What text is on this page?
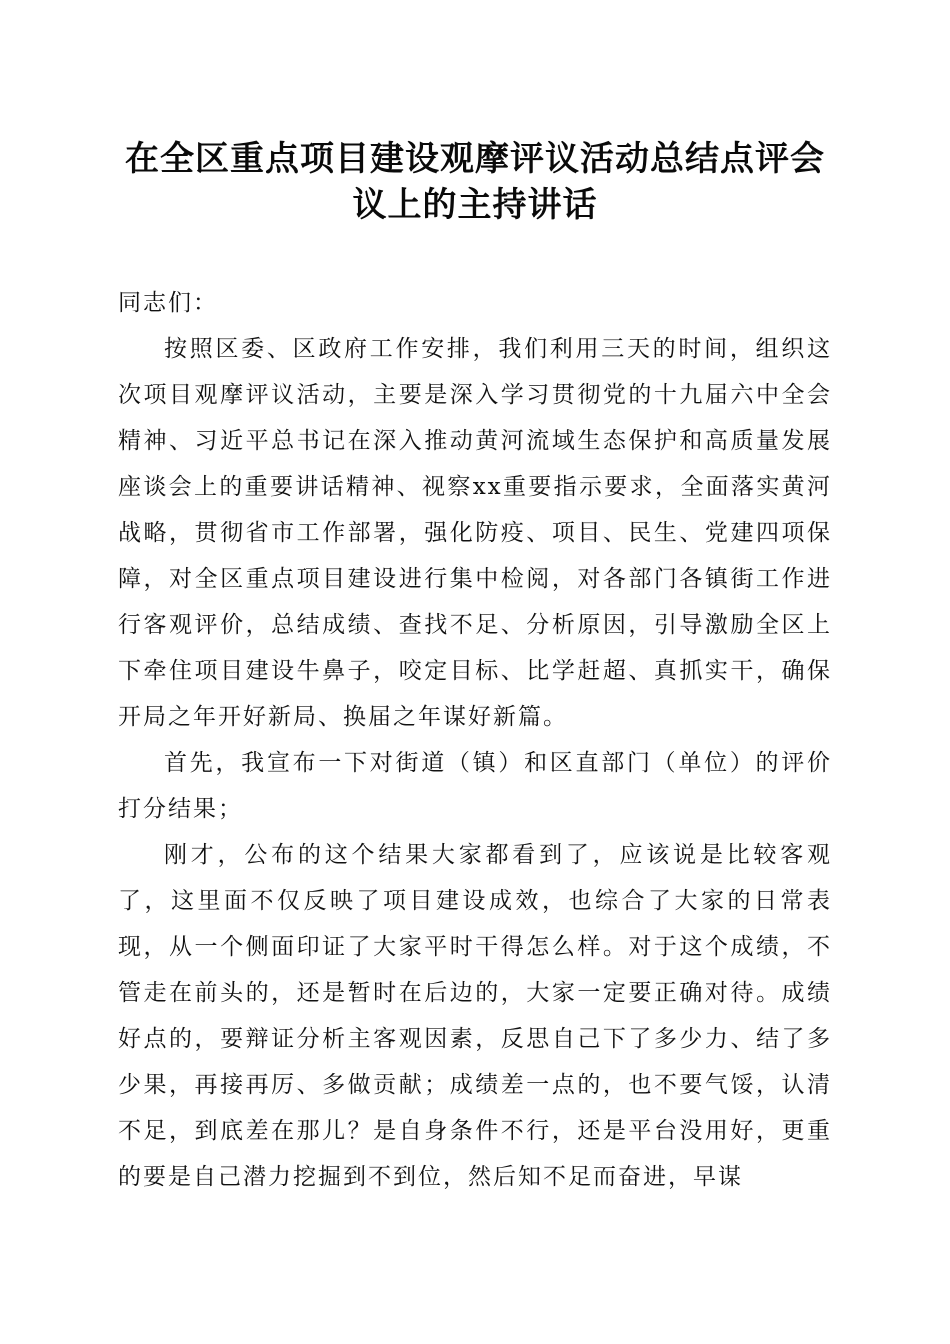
在全区重点项目建设观摩评议活动总结点评会
议上的主持讲话

同志们：

按照区委、区政府工作安排，我们利用三天的时间，组织这次项目观摩评议活动，主要是深入学习贯彻党的十九届六中全会精神、习近平总书记在深入推动黄河流域生态保护和高质量发展座谈会上的重要讲话精神、视察xx重要指示要求，全面落实黄河战略，贯彻省市工作部署，强化防疫、项目、民生、党建四项保障，对全区重点项目建设进行集中检阅，对各部门各镇街工作进行客观评价，总结成绩、查找不足、分析原因，引导激励全区上下牵住项目建设牛鼻子，咬定目标、比学赶超、真抓实干，确保开局之年开好新局、换届之年谋好新篇。

首先，我宣布一下对街道（镇）和区直部门（单位）的评价打分结果；

刚才，公布的这个结果大家都看到了，应该说是比较客观了，这里面不仅反映了项目建设成效，也综合了大家的日常表现，从一个侧面印证了大家平时干得怎么样。对于这个成绩，不管走在前头的，还是暂时在后边的，大家一定要正确对待。成绩好点的，要辩证分析主客观因素，反思自己下了多少力、结了多少果，再接再厉、多做贡献；成绩差一点的，也不要气馁，认清不足，到底差在那儿？是自身条件不行，还是平台没用好，更重的要是自己潜力挖掘到不到位，然后知不足而奋进，早谋
